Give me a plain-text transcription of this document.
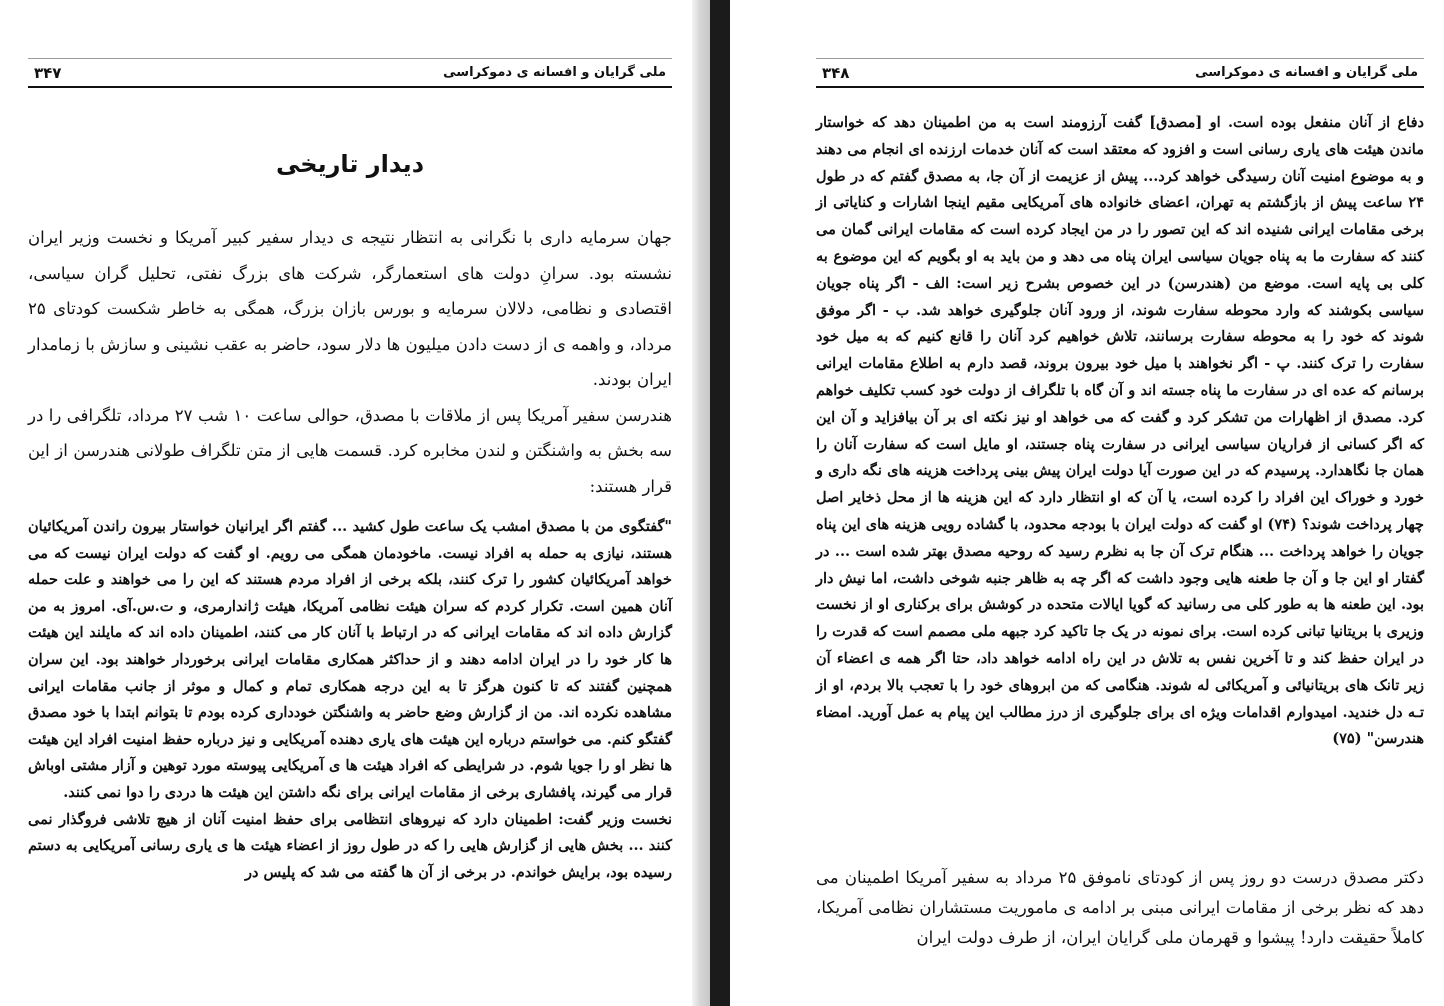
۳۴۷	ملی گرایان و افسانه ی دموکراسی
دیدار تاریخی

جهان سرمایه داری با نگرانی به انتظار نتیجه ی دیدار سفیر کبیر آمریکا و نخست وزیر ایران نشسته بود. سرانِ دولت های استعمارگر، شرکت های بزرگ نفتی، تحلیل گران سیاسی، اقتصادی و نظامی، دلالان سرمایه و بورس بازان بزرگ، همگی به خاطر شکست کودتای ۲۵ مرداد، و واهمه ی از دست دادن میلیون ها دلار سود، حاضر به عقب نشینی و سازش با زمامدار ایران بودند.

هندرسن سفیر آمریکا پس از ملاقات با مصدق، حوالی ساعت ۱۰ شب ۲۷ مرداد، تلگرافی را در سه بخش به واشنگتن و لندن مخابره کرد. قسمت هایی از متن تلگراف طولانی هندرسن از این قرار هستند:

"گفتگوی من با مصدق امشب یک ساعت طول کشید ... گفتم اگر ایرانیان خواستار بیرون راندن آمریکائیان هستند، نیازی به حمله به افراد نیست. ماخودمان همگی می رویم. او گفت که دولت ایران نیست که می خواهد آمریکائیان کشور را ترک کنند، بلکه برخی از افراد مردم هستند که این را می خواهند و علت حمله آنان همین است. تکرار کردم که سران هیئت نظامی آمریکا، هیئت ژاندارمری، و ت.س.آی. امروز به من گزارش داده اند که مقامات ایرانی که در ارتباط با آنان کار می کنند، اطمینان داده اند که مایلند این هیئت ها کار خود را در ایران ادامه دهند و از حداکثر همکاری مقامات ایرانی برخوردار خواهند بود. این سران همچنین گفتند که تا کنون هرگز تا به این درجه همکاری تمام و کمال و موثر از جانب مقامات ایرانی مشاهده نکرده اند. من از گزارش وضع حاضر به واشنگتن خودداری کرده بودم تا بتوانم ابتدا با خود مصدق گفتگو کنم. می خواستم درباره این هیئت های یاری دهنده آمریکایی و نیز درباره حفظ امنیت افراد این هیئت ها نظر او را جویا شوم. در شرایطی که افراد هیئت ها ی آمریکایی پیوسته مورد توهین و آزار مشتی اوباش قرار می گیرند، پافشاری برخی از مقامات ایرانی برای نگه داشتن این هیئت ها دردی را دوا نمی کنند.

نخست وزیر گفت: اطمینان دارد که نیروهای انتظامی برای حفظ امنیت آنان از هیچ تلاشی فروگذار نمی کنند ... بخش هایی از گزارش هایی را که در طول روز از اعضاء هیئت ها ی یاری رسانی آمریکایی به دستم رسیده بود، برایش خواندم. در برخی از آن ها گفته می شد که پلیس در

۳۴۸	ملی گرایان و افسانه ی دموکراسی

دفاع از آنان منفعل بوده است. او [مصدق] گفت آرزومند است به من اطمینان دهد که خواستار ماندن هیئت های یاری رسانی است و افزود که معتقد است که آنان خدمات ارزنده ای انجام می دهند و به موضوع امنیت آنان رسیدگی خواهد کرد... پیش از عزیمت از آن جا، به مصدق گفتم که در طول ۲۴ ساعت پیش از بازگشتم به تهران، اعضای خانواده های آمریکایی مقیم اینجا اشارات و کنایاتی از برخی مقامات ایرانی شنیده اند که این تصور را در من ایجاد کرده است که مقامات ایرانی گمان می کنند که سفارت ما به پناه جویان سیاسی ایران پناه می دهد و من باید به او بگویم که این موضوع به کلی بی پایه است. موضع من (هندرسن) در این خصوص بشرح زیر است: الف - اگر پناه جویان سیاسی بکوشند که وارد محوطه سفارت شوند، از ورود آنان جلوگیری خواهد شد. ب - اگر موفق شوند که خود را به محوطه سفارت برسانند، تلاش خواهیم کرد آنان را قانع کنیم که به میل خود سفارت را ترک کنند. پ - اگر نخواهند با میل خود بیرون بروند، قصد دارم به اطلاع مقامات ایرانی برسانم که عده ای در سفارت ما پناه جسته اند و آن گاه با تلگراف از دولت خود کسب تکلیف خواهم کرد. مصدق از اظهارات من تشکر کرد و گفت که می خواهد او نیز نکته ای بر آن بیافزاید و آن این که اگر کسانی از فراریان سیاسی ایرانی در سفارت پناه جستند، او مایل است که سفارت آنان را همان جا نگاهدارد. پرسیدم که در این صورت آیا دولت ایران پیش بینی پرداخت هزینه های نگه داری و خورد و خوراک این افراد را کرده است، یا آن که او انتظار دارد که این هزینه ها از محل ذخایر اصل چهار پرداخت شوند؟ (۷۴) او گفت که دولت ایران با بودجه محدود، با گشاده رویی هزینه های این پناه جویان را خواهد پرداخت ... هنگام ترک آن جا به نظرم رسید که روحیه مصدق بهتر شده است ... در گفتار او این جا و آن جا طعنه هایی وجود داشت که اگر چه به ظاهر جنبه شوخی داشت، اما نیش دار بود. این طعنه ها به طور کلی می رسانید که گویا ایالات متحده در کوشش برای برکناری او از نخست وزیری با بریتانیا تبانی کرده است. برای نمونه در یک جا تاکید کرد جبهه ملی مصمم است که قدرت را در ایران حفظ کند و تا آخرین نفس به تلاش در این راه ادامه خواهد داد، حتا اگر همه ی اعضاء آن زیر تانک های بریتانیائی و آمریکائی له شوند. هنگامی که من ابروهای خود را با تعجب بالا بردم، او از تـه دل خندید. امیدوارم اقدامات ویژه ای برای جلوگیری از درز مطالب این پیام به عمل آورید. امضاء هندرسن" (۷۵)

دکتر مصدق درست دو روز پس از کودتای ناموفق ۲۵ مرداد به سفیر آمریکا اطمینان می دهد که نظر برخی از مقامات ایرانی مبنی بر ادامه ی ماموریت مستشاران نظامی آمریکا، کاملاً حقیقت دارد! پیشوا و قهرمان ملی گرایان ایران، از طرف دولت ایران
